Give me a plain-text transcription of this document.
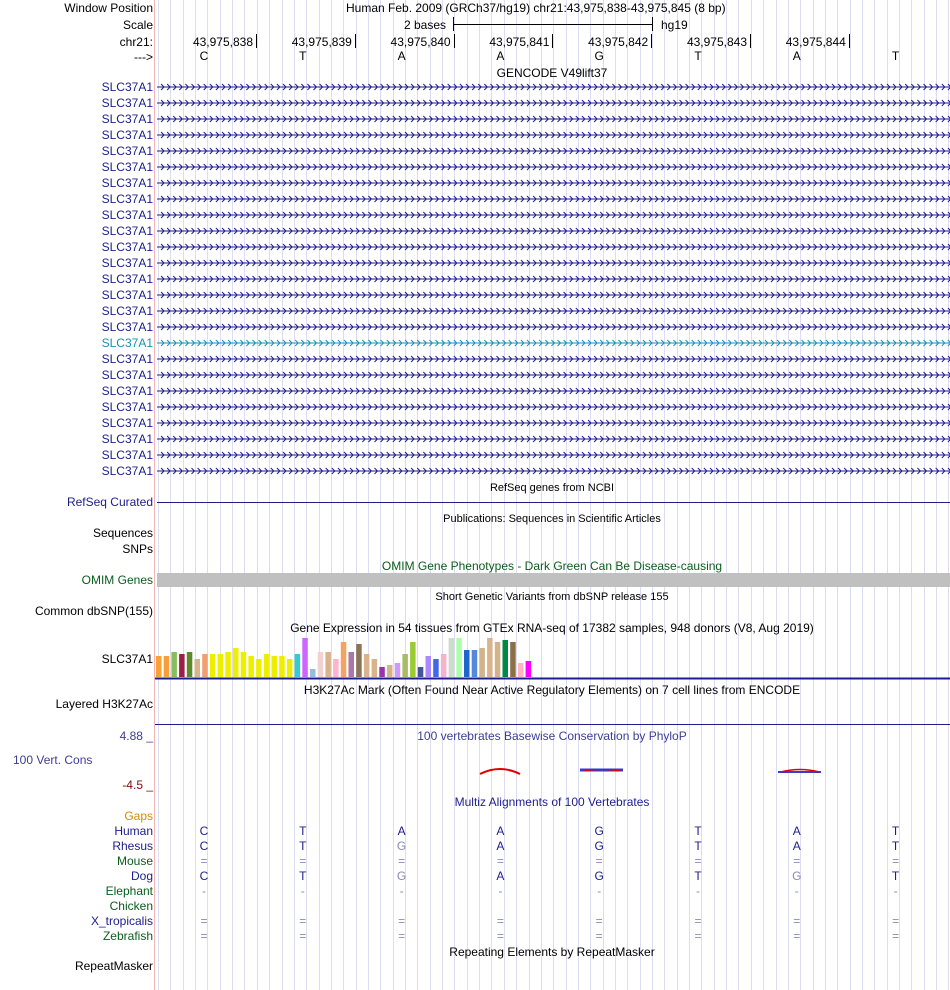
Window Position	Human Feb. 2009 (GRCh37/hg19) chr21:43,975,838-43,975,845 (8 bp)
Scale	2 bases	hg19
chr21:	43,975,838	43,975,839	43,975,840	43,975,841	43,975,842	43,975,843	43,975,844
--->	C	T	A	A	G	T	A	T
GENCODE V49lift37
SLC37A1
SLC37A1
SLC37A1
SLC37A1
SLC37A1
SLC37A1
SLC37A1
SLC37A1
SLC37A1
SLC37A1
SLC37A1
SLC37A1
SLC37A1
SLC37A1
SLC37A1
SLC37A1
SLC37A1
SLC37A1
SLC37A1
SLC37A1
SLC37A1
SLC37A1
SLC37A1
SLC37A1
SLC37A1
RefSeq genes from NCBI
RefSeq Curated
Publications: Sequences in Scientific Articles
Sequences
SNPs
OMIM Gene Phenotypes - Dark Green Can Be Disease-causing
OMIM Genes
Short Genetic Variants from dbSNP release 155
Common dbSNP(155)
Gene Expression in 54 tissues from GTEx RNA-seq of 17382 samples, 948 donors (V8, Aug 2019)
SLC37A1
H3K27Ac Mark (Often Found Near Active Regulatory Elements) on 7 cell lines from ENCODE
Layered H3K27Ac
4.88 _	100 vertebrates Basewise Conservation by PhyloP
100 Vert. Cons
-4.5 _
Multiz Alignments of 100 Vertebrates
Gaps
Human	C	T	A	A	G	T	A	T
Rhesus	C	T	G	A	G	T	A	T
Mouse	=	=	=	=	=	=	=	=
Dog	C	T	G	A	G	T	G	T
Elephant	-	-	-	-	-	-	-	-
Chicken
X_tropicalis	=	=	=	=	=	=	=	=
Zebrafish	=	=	=	=	=	=	=	=
Repeating Elements by RepeatMasker
RepeatMasker
